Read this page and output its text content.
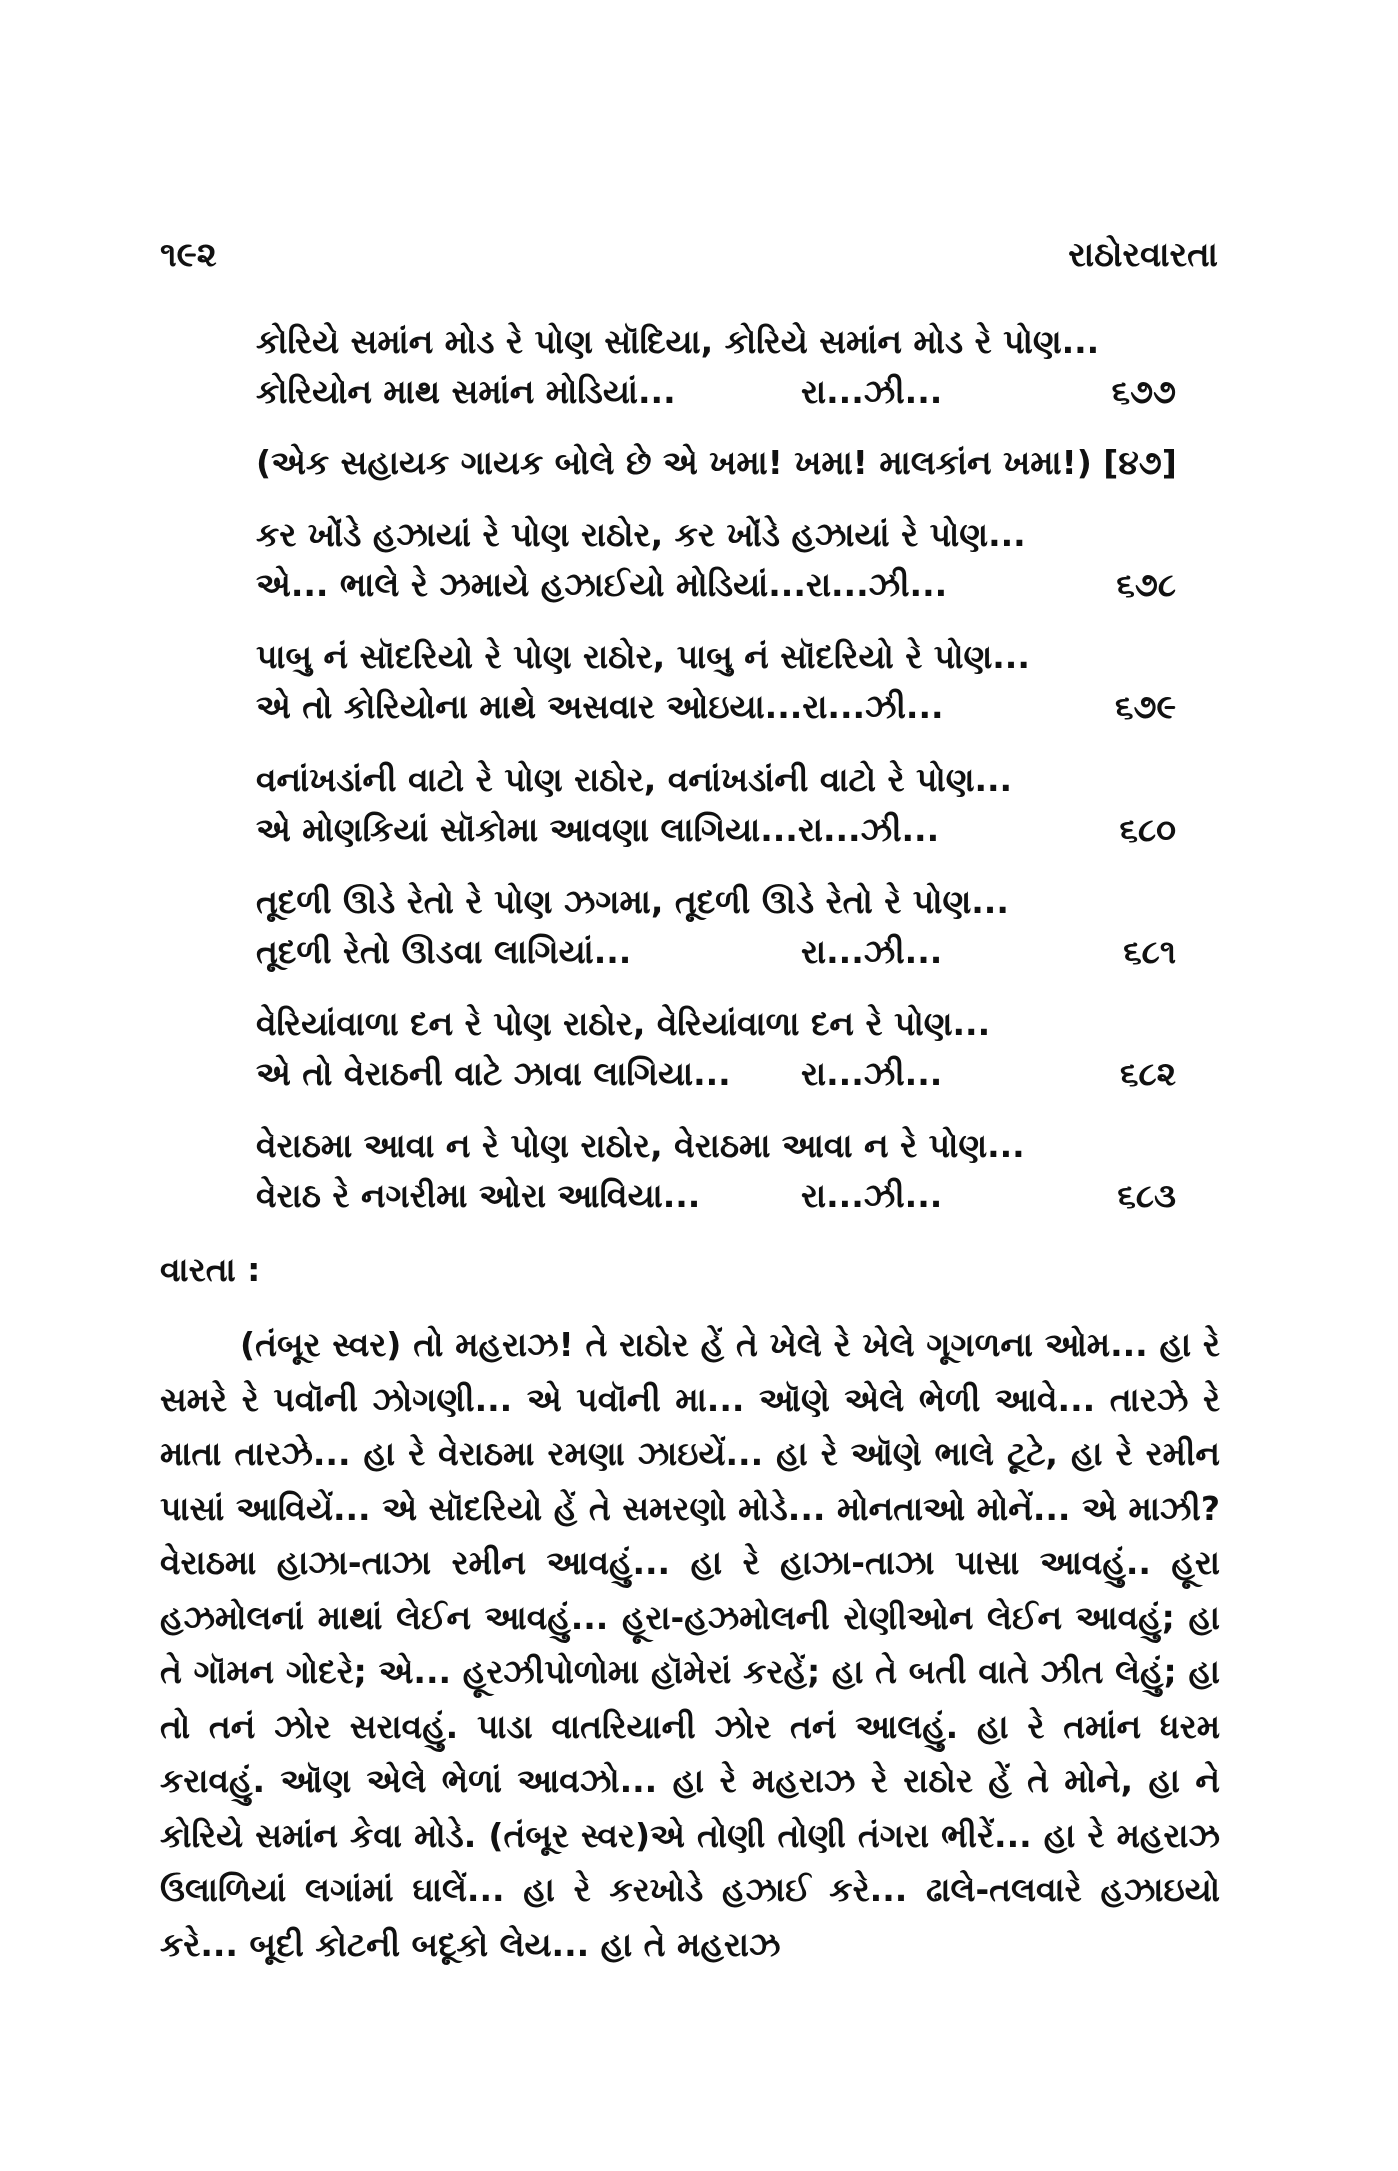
૧૯૨	રાઠોરવારતા
કોરિયે સમાંન મોડ રે પોણ સૉદિયા, કોરિયે સમાંન મોડ રે પોણ...
કોરિયોન માથ સમાંન મોડિયાં...	રા...ઝી...	૬૭૭
(એક સહાયક ગાયક બોલે છે એ ખમા! ખમા! માલકાંન ખમા!) [૪૭]
કર ખોંડે હઝાયાં રે પોણ રાઠોર, કર ખોંડે હઝાયાં રે પોણ...
એ... ભાલે રે ઝમાયે હઝાઈયો મોડિયાં...રા...ઝી...	૬૭૮
પાબુ નં સૉદરિયો રે પોણ રાઠોર, પાબુ નં સૉદરિયો રે પોણ...
એ તો કોરિયોના માથે અસવાર ઓઇયા...રા...ઝી...	૬૭૯
વનાંખડાંની વાટો રે પોણ રાઠોર, વનાંખડાંની વાટો રે પોણ...
એ મોણકિયાં સૉકોમા આવણા લાગિયા...રા...ઝી...	૬૮૦
તૂદળી ઊડે રેતો રે પોણ ઝગમા, તૂદળી ઊડે રેતો રે પોણ...
તૂદળી રેતો ઊડવા લાગિયાં...	રા...ઝી...	૬૮૧
વેરિયાંવાળા દન રે પોણ રાઠોર, વેરિયાંવાળા દન રે પોણ...
એ તો વેરાઠની વાટે ઝાવા લાગિયા... રા...ઝી...	૬૮૨
વેરાઠમા આવા ન રે પોણ રાઠોર, વેરાઠમા આવા ન રે પોણ...
વેરાઠ રે નગરીમા ઓરા આવિયા...	રા...ઝી...	૬૮૩
વારતા :

(તંબૂર સ્વર) તો મહરાઝ! તે રાઠોર હેં તે ખેલે રે ખેલે ગૂગળના ઓમ... હા રે સમરે રે પવૉની ઝોગણી... એ પવૉની મા... ઑણે એલે ભેળી આવે... તારઝે રે માતા તારઝે... હા રે વેરાઠમા રમણા ઝાઇયેં... હા રે ઑણે ભાલે ટૂટે, હા રે રમીન પાસાં આવિયેં... એ સૉદરિયો હેં તે સમરણો મોડે... મોનતાઓ મોનેં... એ માઝી? વેરાઠમા હાઝા-તાઝા રમીન આવહું... હા રે હાઝા-તાઝા પાસા આવહું.. હૂરા હઝમોલનાં માથાં લેઈન આવહું... હૂરા-હઝમોલની રોણીઓન લેઈન આવહું; હા તે ગૉમન ગોદરે; એ... હૂરઝીપોળોમા હૉમેરાં કરહેં; હા તે બતી વાતે ઝીત લેહું; હા તો તનં ઝોર સરાવહું. પાડા વાતરિયાની ઝોર તનં આલહું. હા રે તમાંન ધરમ કરાવહું. ઑણ એલે ભેળાં આવઝો... હા રે મહરાઝ રે રાઠોર હેં તે મોને, હા ને કોરિયે સમાંન કેવા મોડે. (તંબૂર સ્વર)એ તોણી તોણી તંગરા ભીરેં... હા રે મહરાઝ ઉલાળિયાં લગાંમાં ઘાલેં... હા રે કરખોડે હઝાઈ કરે... ઢાલે-તલવારે હઝાઇયો કરે... બૂદી કોટની બદૂકો લેય... હા તે મહરાઝ
